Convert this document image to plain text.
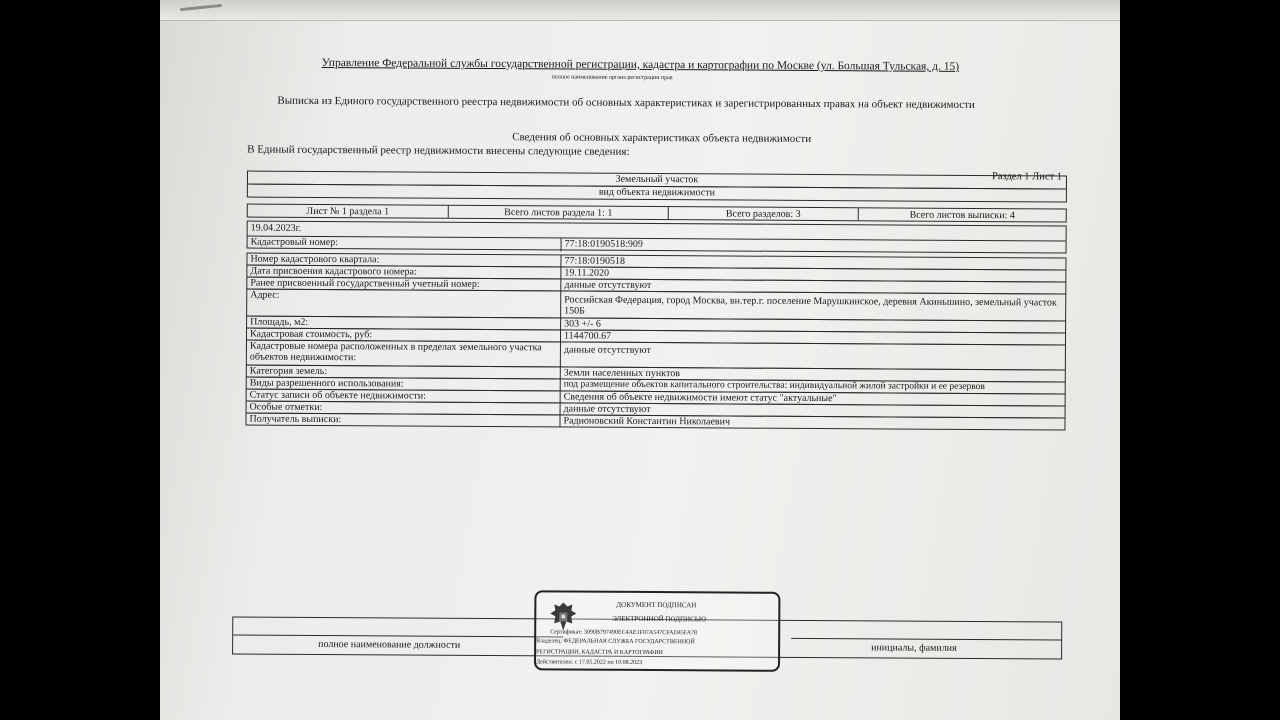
Управление Федеральной службы государственной регистрации, кадастра и картографии по Москве (ул. Большая Тульская, д. 15)
полное наименование органа регистрации прав
Выписка из Единого государственного реестра недвижимости об основных характеристиках и зарегистрированных правах на объект недвижимости
Сведения об основных характеристиках объекта недвижимости
В Единый государственный реестр недвижимости внесены следующие сведения:
Раздел 1 Лист 1
Земельный участок
вид объекта недвижимости
Лист № 1 раздела 1	Всего листов раздела 1: 1	Всего разделов: 3	Всего листов выписки: 4
19.04.2023г.
Кадастровый номер:	77:18:0190518:909
Номер кадастрового квартала:	77:18:0190518
Дата присвоения кадастрового номера:	19.11.2020
Ранее присвоенный государственный учетный номер:	данные отсутствуют
Адрес:	Российская Федерация, город Москва, вн.тер.г. поселение Марушкинское, деревня Акиньшино, земельный участок 150Б
Площадь, м2:	303 +/- 6
Кадастровая стоимость, руб:	1144700.67
Кадастровые номера расположенных в пределах земельного участка объектов недвижимости:
данные отсутствуют
Категория земель:	Земли населенных пунктов
Виды разрешенного использования:	под размещение объектов капитального строительства: индивидуальной жилой застройки и ее резервов
Статус записи об объекте недвижимости:	Сведения об объекте недвижимости имеют статус "актуальные"
Особые отметки:	данные отсутствуют
Получатель выписки:	Радионовский Константин Николаевич
полное наименование должности	инициалы, фамилия
ДОКУМЕНТ ПОДПИСАН
ЭЛЕКТРОННОЙ ПОДПИСЬЮ
Сертификат: 3090B797490EC4AE1F07A547CFAD45FA78
Владелец: ФЕДЕРАЛЬНАЯ СЛУЖБА ГОСУДАРСТВЕННОЙ
РЕГИСТРАЦИИ, КАДАСТРА И КАРТОГРАФИИ
Действителен: с 17.05.2022 по 10.08.2023
